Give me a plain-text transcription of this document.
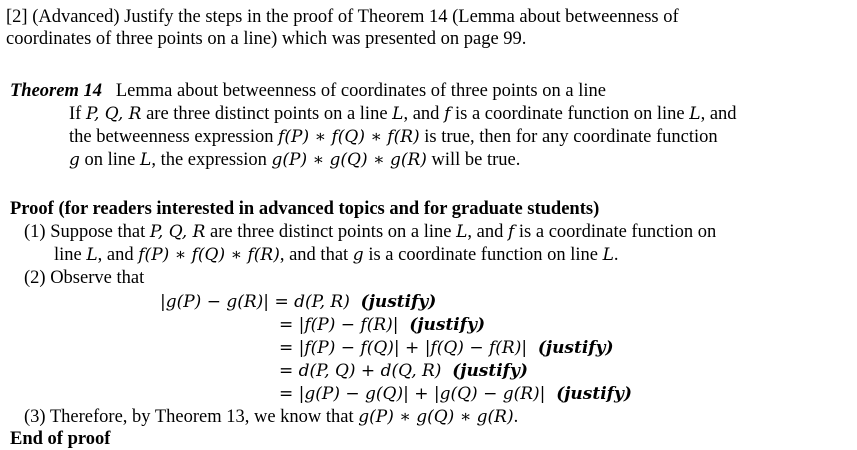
[2] (Advanced) Justify the steps in the proof of Theorem 14 (Lemma about betweenness of
coordinates of three points on a line) which was presented on page 99.
Theorem 14 Lemma about betweenness of coordinates of three points on a line
If P, Q, R are three distinct points on a line L, and f is a coordinate function on line L, and
the betweenness expression f(P) ∗ f(Q) ∗ f(R) is true, then for any coordinate function
g on line L, the expression g(P) ∗ g(Q) ∗ g(R) will be true.
Proof (for readers interested in advanced topics and for graduate students)
(1) Suppose that P, Q, R are three distinct points on a line L, and f is a coordinate function on
line L, and f(P) ∗ f(Q) ∗ f(R), and that g is a coordinate function on line L.
(2) Observe that
|g(P) − g(R)| = d(P, R) (justify)
= |f(P) − f(R)| (justify)
= |f(P) − f(Q)| + |f(Q) − f(R)| (justify)
= d(P, Q) + d(Q, R) (justify)
= |g(P) − g(Q)| + |g(Q) − g(R)| (justify)
(3) Therefore, by Theorem 13, we know that g(P) ∗ g(Q) ∗ g(R).
End of proof
